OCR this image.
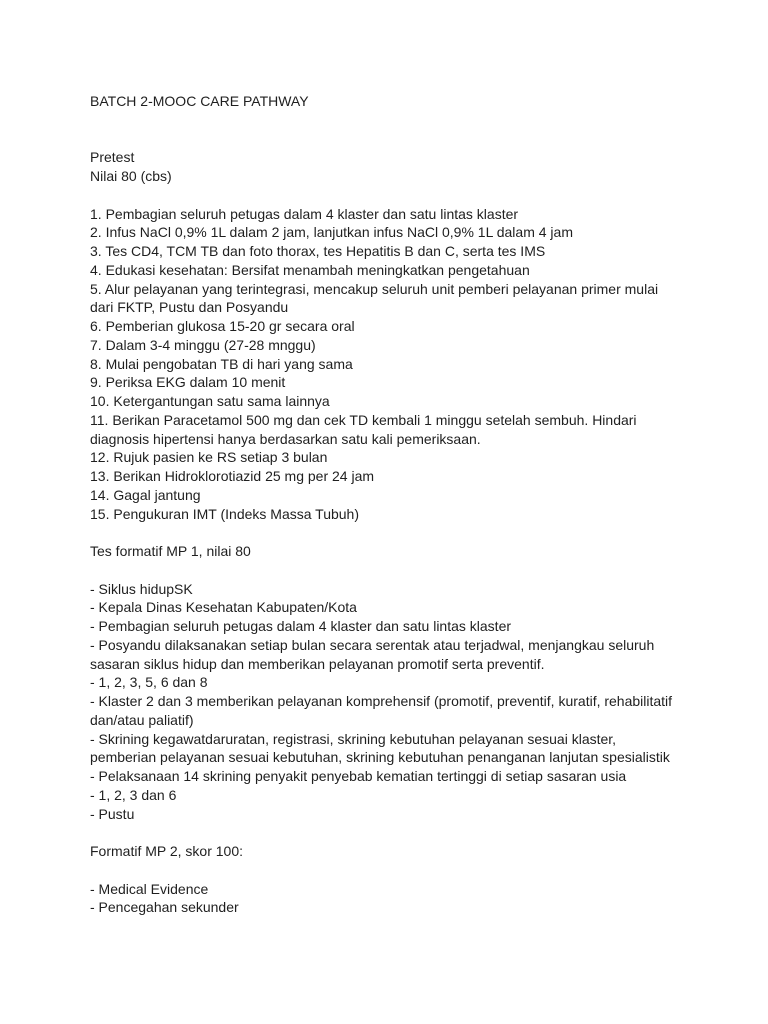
BATCH 2-MOOC CARE PATHWAY
Pretest
Nilai 80 (cbs)
1. Pembagian seluruh petugas dalam 4 klaster dan satu lintas klaster
2. Infus NaCl 0,9% 1L dalam 2 jam, lanjutkan infus NaCl 0,9% 1L dalam 4 jam
3. Tes CD4, TCM TB dan foto thorax, tes Hepatitis B dan C, serta tes IMS
4. Edukasi kesehatan: Bersifat menambah meningkatkan pengetahuan
5. Alur pelayanan yang terintegrasi, mencakup seluruh unit pemberi pelayanan primer mulai
dari FKTP, Pustu dan Posyandu
6. Pemberian glukosa 15-20 gr secara oral
7. Dalam 3-4 minggu (27-28 mnggu)
8. Mulai pengobatan TB di hari yang sama
9. Periksa EKG dalam 10 menit
10. Ketergantungan satu sama lainnya
11. Berikan Paracetamol 500 mg dan cek TD kembali 1 minggu setelah sembuh. Hindari
diagnosis hipertensi hanya berdasarkan satu kali pemeriksaan.
12. Rujuk pasien ke RS setiap 3 bulan
13. Berikan Hidroklorotiazid 25 mg per 24 jam
14. Gagal jantung
15. Pengukuran IMT (Indeks Massa Tubuh)
Tes formatif MP 1, nilai 80
- Siklus hidupSK
- Kepala Dinas Kesehatan Kabupaten/Kota
- Pembagian seluruh petugas dalam 4 klaster dan satu lintas klaster
- Posyandu dilaksanakan setiap bulan secara serentak atau terjadwal, menjangkau seluruh
sasaran siklus hidup dan memberikan pelayanan promotif serta preventif.
- 1, 2, 3, 5, 6 dan 8
- Klaster 2 dan 3 memberikan pelayanan komprehensif (promotif, preventif, kuratif, rehabilitatif
dan/atau paliatif)
- Skrining kegawatdaruratan, registrasi, skrining kebutuhan pelayanan sesuai klaster,
pemberian pelayanan sesuai kebutuhan, skrining kebutuhan penanganan lanjutan spesialistik
- Pelaksanaan 14 skrining penyakit penyebab kematian tertinggi di setiap sasaran usia
- 1, 2, 3 dan 6
- Pustu
Formatif MP 2, skor 100:
- Medical Evidence
- Pencegahan sekunder
